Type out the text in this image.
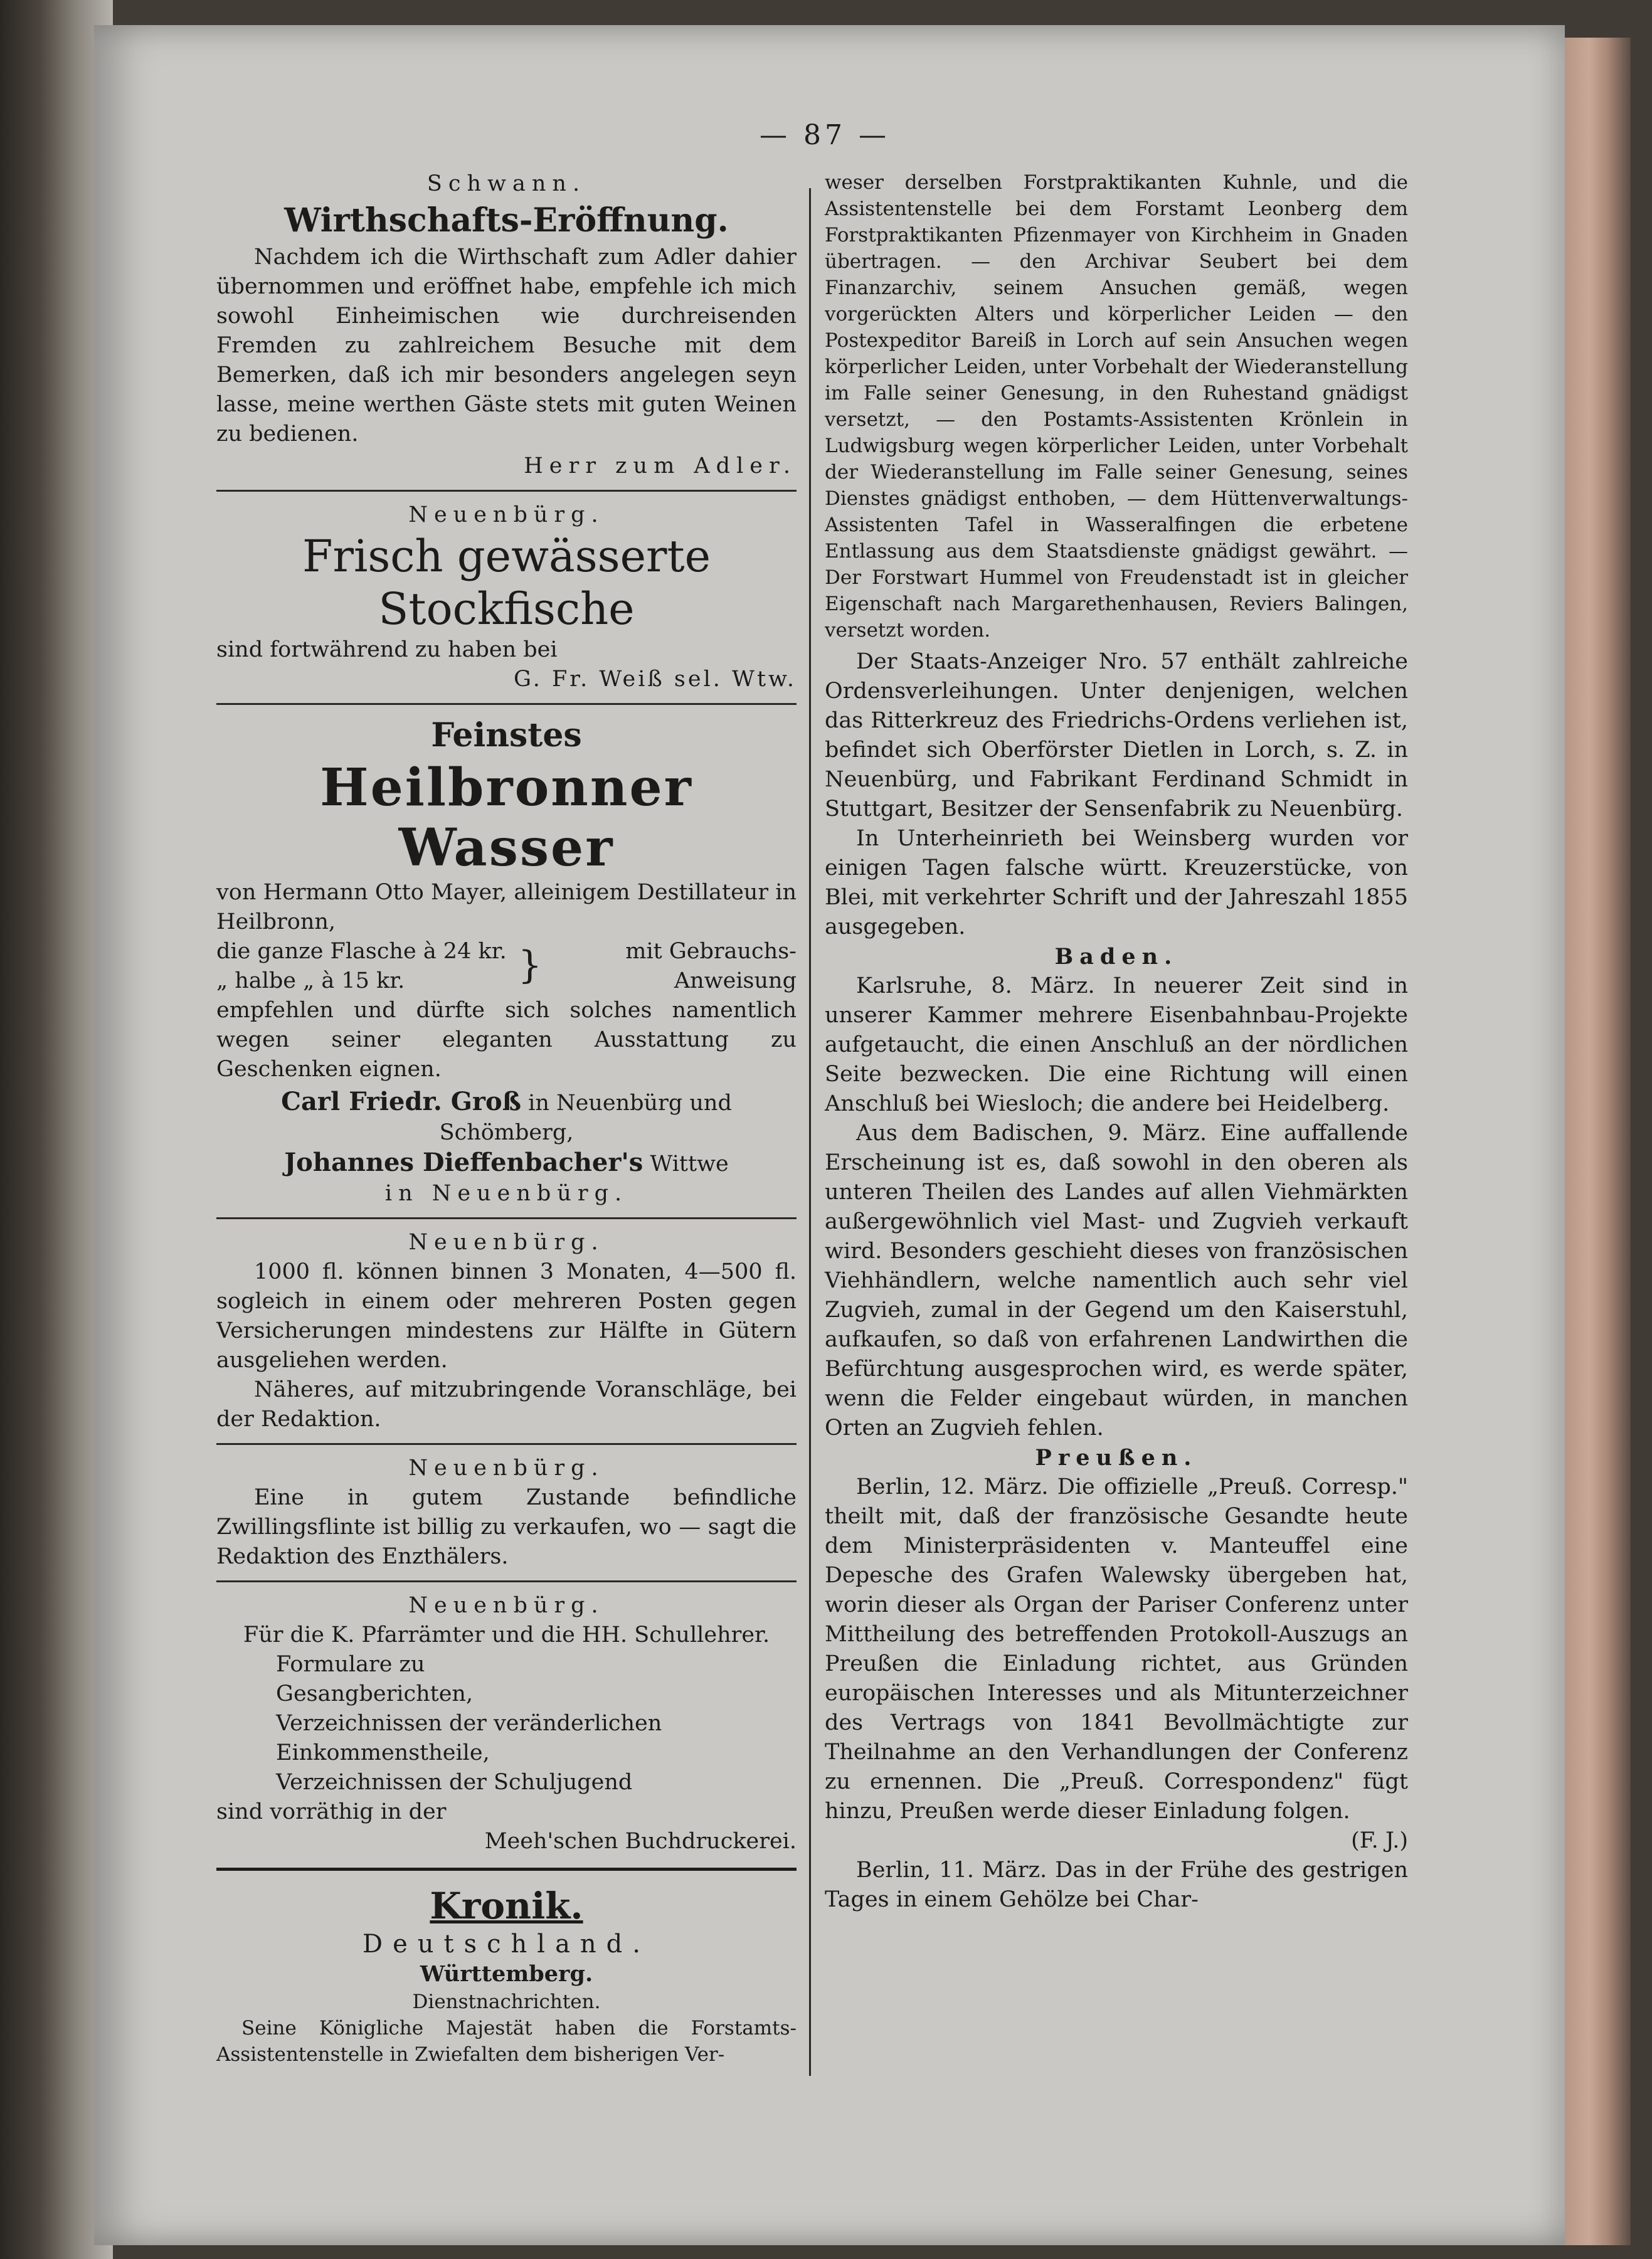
— 87 —

Schwann.

Wirthschafts-Eröffnung.

Nachdem ich die Wirthschaft zum Adler dahier übernommen und eröffnet habe, empfehle ich mich sowohl Einheimischen wie durchreisenden Fremden zu zahlreichem Besuche mit dem Bemerken, daß ich mir besonders angelegen seyn lasse, meine werthen Gäste stets mit guten Weinen zu bedienen.

Herr zum Adler.

Neuenbürg.

Frisch gewässerte Stockfische

sind fortwährend zu haben bei

G. Fr. Weiß sel. Wtw.

Feinstes

Heilbronner Wasser

von Hermann Otto Mayer, alleinigem Destillateur in Heilbronn,

die ganze Flasche à 24 kr.

„ halbe „ à 15 kr.	}	mit Gebrauchs-

Anweisung

empfehlen und dürfte sich solches namentlich wegen seiner eleganten Ausstattung zu Geschenken eignen.

Carl Friedr. Groß in Neuenbürg und Schömberg,

Johannes Dieffenbacher's Wittwe

in Neuenbürg.

Neuenbürg.

1000 fl. können binnen 3 Monaten, 4—500 fl. sogleich in einem oder mehreren Posten gegen Versicherungen mindestens zur Hälfte in Gütern ausgeliehen werden.

Näheres, auf mitzubringende Voranschläge, bei der Redaktion.

Neuenbürg.

Eine in gutem Zustande befindliche Zwillingsflinte ist billig zu verkaufen, wo — sagt die Redaktion des Enzthälers.

Neuenbürg.

Für die K. Pfarrämter und die HH. Schullehrer.

Formulare zu

Gesangberichten,

Verzeichnissen der veränderlichen Einkommenstheile,

Verzeichnissen der Schuljugend

sind vorräthig in der

Meeh'schen Buchdruckerei.

Kronik.

Deutschland.

Württemberg.

Dienstnachrichten.

Seine Königliche Majestät haben die Forstamts-Assistentenstelle in Zwiefalten dem bisherigen Ver-

weser derselben Forstpraktikanten Kuhnle, und die Assistentenstelle bei dem Forstamt Leonberg dem Forstpraktikanten Pfizenmayer von Kirchheim in Gnaden übertragen. — den Archivar Seubert bei dem Finanzarchiv, seinem Ansuchen gemäß, wegen vorgerückten Alters und körperlicher Leiden — den Postexpeditor Bareiß in Lorch auf sein Ansuchen wegen körperlicher Leiden, unter Vorbehalt der Wiederanstellung im Falle seiner Genesung, in den Ruhestand gnädigst versetzt, — den Postamts-Assistenten Krönlein in Ludwigsburg wegen körperlicher Leiden, unter Vorbehalt der Wiederanstellung im Falle seiner Genesung, seines Dienstes gnädigst enthoben, — dem Hüttenverwaltungs-Assistenten Tafel in Wasseralfingen die erbetene Entlassung aus dem Staatsdienste gnädigst gewährt. — Der Forstwart Hummel von Freudenstadt ist in gleicher Eigenschaft nach Margarethenhausen, Reviers Balingen, versetzt worden.

Der Staats-Anzeiger Nro. 57 enthält zahlreiche Ordensverleihungen. Unter denjenigen, welchen das Ritterkreuz des Friedrichs-Ordens verliehen ist, befindet sich Oberförster Dietlen in Lorch, s. Z. in Neuenbürg, und Fabrikant Ferdinand Schmidt in Stuttgart, Besitzer der Sensenfabrik zu Neuenbürg.

In Unterheinrieth bei Weinsberg wurden vor einigen Tagen falsche württ. Kreuzerstücke, von Blei, mit verkehrter Schrift und der Jahreszahl 1855 ausgegeben.

Baden.

Karlsruhe, 8. März. In neuerer Zeit sind in unserer Kammer mehrere Eisenbahnbau-Projekte aufgetaucht, die einen Anschluß an der nördlichen Seite bezwecken. Die eine Richtung will einen Anschluß bei Wiesloch; die andere bei Heidelberg.

Aus dem Badischen, 9. März. Eine auffallende Erscheinung ist es, daß sowohl in den oberen als unteren Theilen des Landes auf allen Viehmärkten außergewöhnlich viel Mast- und Zugvieh verkauft wird. Besonders geschieht dieses von französischen Viehhändlern, welche namentlich auch sehr viel Zugvieh, zumal in der Gegend um den Kaiserstuhl, aufkaufen, so daß von erfahrenen Landwirthen die Befürchtung ausgesprochen wird, es werde später, wenn die Felder eingebaut würden, in manchen Orten an Zugvieh fehlen.

Preußen.

Berlin, 12. März. Die offizielle „Preuß. Corresp." theilt mit, daß der französische Gesandte heute dem Ministerpräsidenten v. Manteuffel eine Depesche des Grafen Walewsky übergeben hat, worin dieser als Organ der Pariser Conferenz unter Mittheilung des betreffenden Protokoll-Auszugs an Preußen die Einladung richtet, aus Gründen europäischen Interesses und als Mitunterzeichner des Vertrags von 1841 Bevollmächtigte zur Theilnahme an den Verhandlungen der Conferenz zu ernennen. Die „Preuß. Correspondenz" fügt hinzu, Preußen werde dieser Einladung folgen.

(F. J.)

Berlin, 11. März. Das in der Frühe des gestrigen Tages in einem Gehölze bei Char-
